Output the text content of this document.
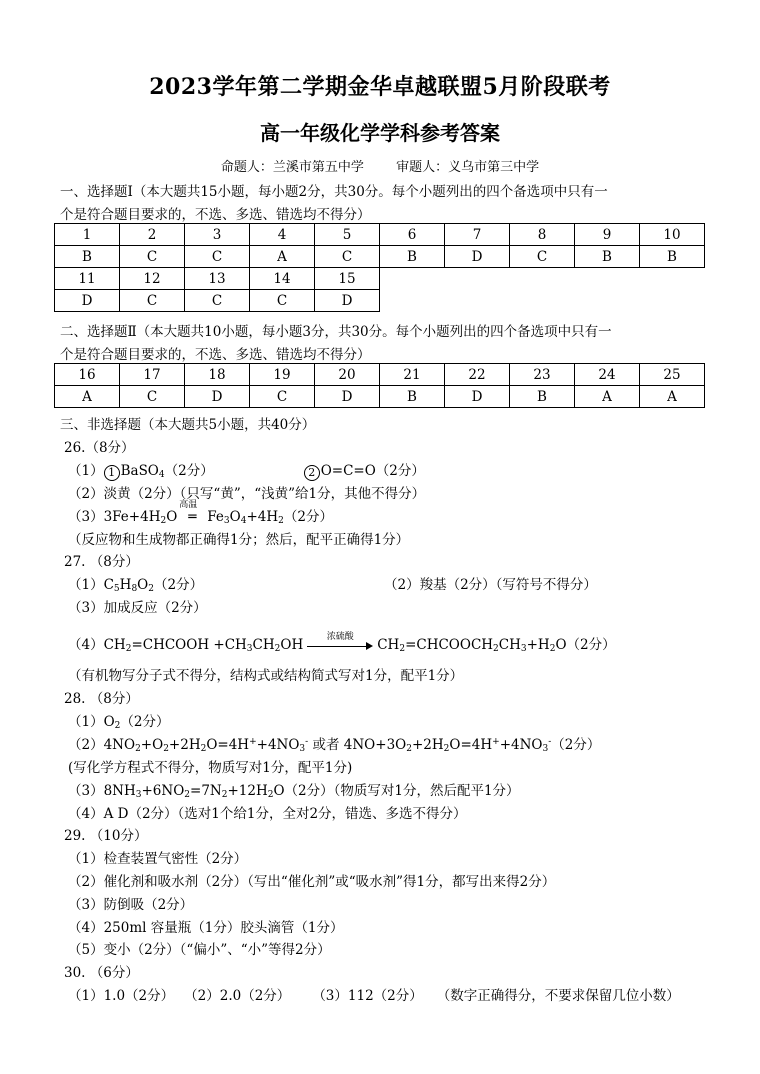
2023学年第二学期金华卓越联盟5月阶段联考
高一年级化学学科参考答案
命题人：兰溪市第五中学 审题人：义乌市第三中学
一、选择题Ⅰ（本大题共15小题，每小题2分，共30分。每个小题列出的四个备选项中只有一
个是符合题目要求的，不选、多选、错选均不得分）
1	2	3	4	5	6	7	8	9	10
B	C	C	A	C	B	D	C	B	B
11	12	13	14	15					
D	C	C	C	D					
二、选择题Ⅱ（本大题共10小题，每小题3分，共30分。每个小题列出的四个备选项中只有一
个是符合题目要求的，不选、多选、错选均不得分）
16	17	18	19	20	21	22	23	24	25
A	C	D	C	D	B	D	B	A	A
三、非选择题（本大题共5小题，共40分）
26.（8分）
（1） 1 BaSO$_4$（2分）	2 O=C=O（2分）
（2）淡黄（2分）（只写“黄”，“浅黄”给1分，其他不得分）
$(3)3Fe+4H_2O$
高温
═ $Fe_3O_4+4H_2(2$分）
（反应物和生成物都正确得1分；然后，配平正确得1分）
27. （8分）
$(1)C_5H_8O_2(2$分）	（2）羧基（2分）（写符号不得分）
（3）加成反应（2分）
$(4)CH_2=CHCOOH +CH_3CH_2OH$
浓硫酸
$CH_2=CHCOOCH_2CH_3+H_2O(2$分）
（有机物写分子式不得分，结构式或结构简式写对1分，配平1分）
28. （8分）
$(1)O_2(2$分）
$(2)4NO_2+O_2+2H_2O=4H^++4NO_3^-$ 或者 $4NO+3O_2+2H_2O=4H^++4NO_3^-(2$分）
(写化学方程式不得分，物质写对1分，配平1分)
$(3)8NH_3+6NO_2=7N_2+12H_2O(2$分）（物质写对1分，然后配平1分）
（4）A D（2分）（选对1个给1分，全对2分，错选、多选不得分）
29. （10分）
（1）检查装置气密性（2分）
（2）催化剂和吸水剂（2分）（写出“催化剂”或“吸水剂”得1分，都写出来得2分）
（3）防倒吸（2分）
（4）250ml 容量瓶（1分）胶头滴管（1分）
（5）变小（2分）（“偏小”、“小”等得2分）
30. （6分）
（1）1.0（2分） （2）2.0（2分） （3）112（2分） （数字正确得分，不要求保留几位小数）
